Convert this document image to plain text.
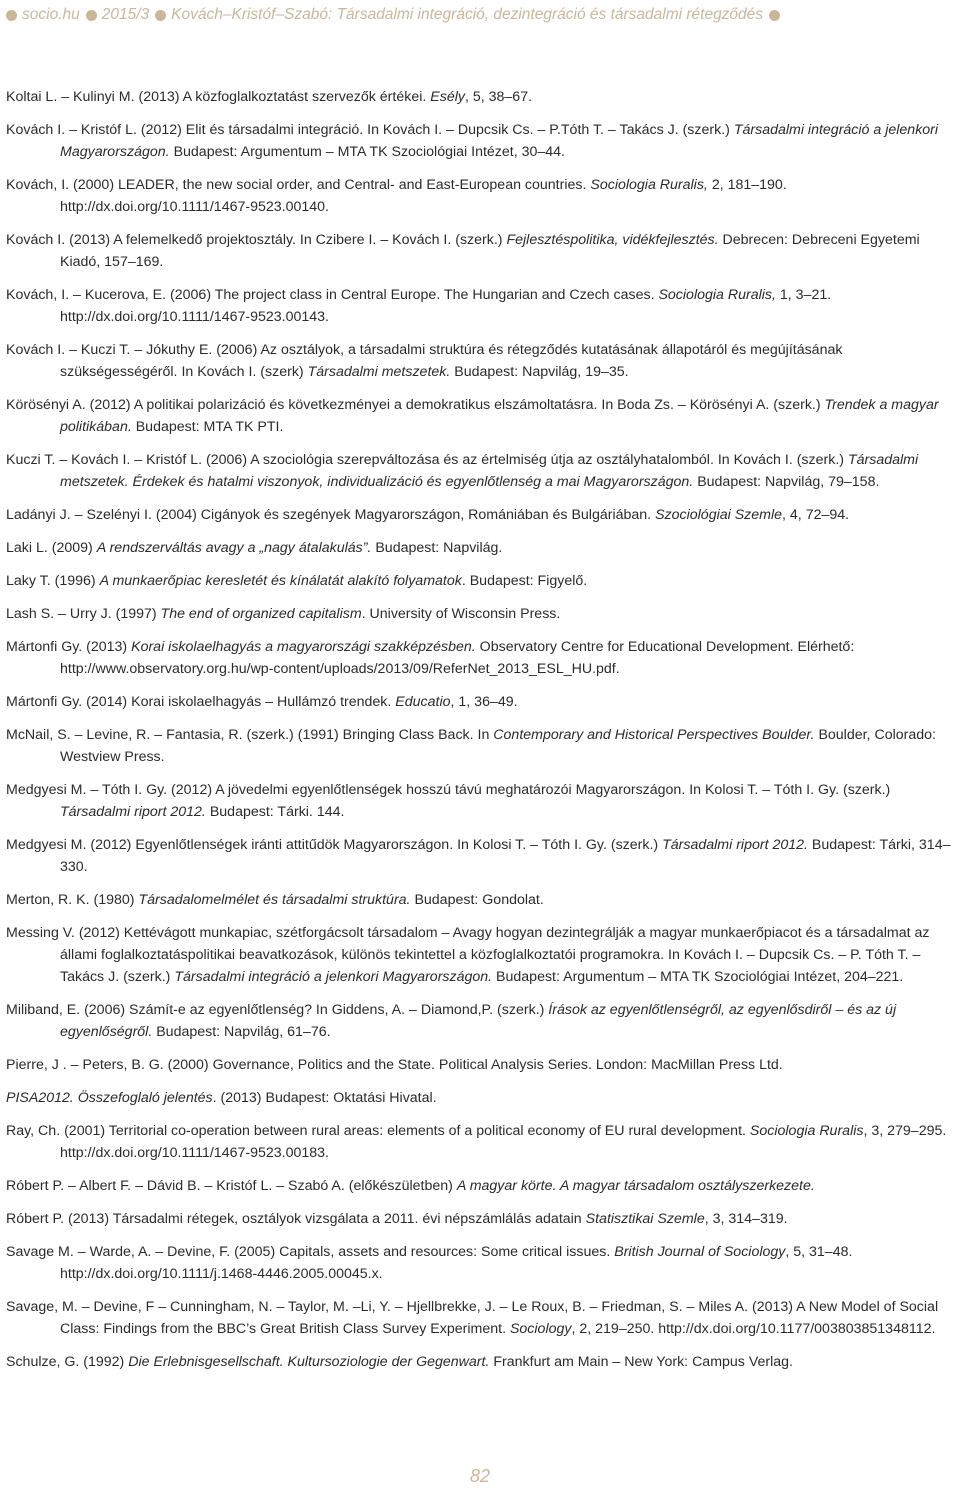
socio.hu 2015/3 Kovách–Kristóf–Szabó: Társadalmi integráció, dezintegráció és társadalmi rétegződés

Koltai L. – Kulinyi M. (2013) A közfoglalkoztatást szervezők értékei. Esély, 5, 38–67.

Kovách I. – Kristóf L. (2012) Elit és társadalmi integráció. In Kovách I. – Dupcsik Cs. – P.Tóth T. – Takács J. (szerk.) Társadalmi integráció a jelenkori Magyarországon. Budapest: Argumentum – MTA TK Szociológiai Intézet, 30–44.

Kovách, I. (2000) LEADER, the new social order, and Central- and East-European countries. Sociologia Ruralis, 2, 181–190. http://dx.doi.org/10.1111/1467-9523.00140.

Kovách I. (2013) A felemelkedő projektosztály. In Czibere I. – Kovách I. (szerk.) Fejlesztéspolitika, vidékfejlesztés. Debrecen: Debreceni Egyetemi Kiadó, 157–169.

Kovách, I. – Kucerova, E. (2006) The project class in Central Europe. The Hungarian and Czech cases. Sociologia Ruralis, 1, 3–21. http://dx.doi.org/10.1111/1467-9523.00143.

Kovách I. – Kuczi T. – Jókuthy E. (2006) Az osztályok, a társadalmi struktúra és rétegződés kutatásának állapotáról és megújításának szükségességéről. In Kovách I. (szerk) Társadalmi metszetek. Budapest: Napvilág, 19–35.

Körösényi A. (2012) A politikai polarizáció és következményei a demokratikus elszámoltatásra. In Boda Zs. – Körösényi A. (szerk.) Trendek a magyar politikában. Budapest: MTA TK PTI.

Kuczi T. – Kovách I. – Kristóf L. (2006) A szociológia szerepváltozása és az értelmiség útja az osztályhatalomból. In Kovách I. (szerk.) Társadalmi metszetek. Érdekek és hatalmi viszonyok, individualizáció és egyenlőtlenség a mai Magyarországon. Budapest: Napvilág, 79–158.

Ladányi J. – Szelényi I. (2004) Cigányok és szegények Magyarországon, Romániában és Bulgáriában. Szociológiai Szemle, 4, 72–94.

Laki L. (2009) A rendszerváltás avagy a „nagy átalakulás”. Budapest: Napvilág.

Laky T. (1996) A munkaerőpiac keresletét és kínálatát alakító folyamatok. Budapest: Figyelő.

Lash S. – Urry J. (1997) The end of organized capitalism. University of Wisconsin Press.

Mártonfi Gy. (2013) Korai iskolaelhagyás a magyarországi szakképzésben. Observatory Centre for Educational Development. Elérhető: http://www.observatory.org.hu/wp-content/uploads/2013/09/ReferNet_2013_ESL_HU.pdf.

Mártonfi Gy. (2014) Korai iskolaelhagyás – Hullámzó trendek. Educatio, 1, 36–49.

McNail, S. – Levine, R. – Fantasia, R. (szerk.) (1991) Bringing Class Back. In Contemporary and Historical Perspectives Boulder. Boulder, Colorado: Westview Press.

Medgyesi M. – Tóth I. Gy. (2012) A jövedelmi egyenlőtlenségek hosszú távú meghatározói Magyarországon. In Kolosi T. – Tóth I. Gy. (szerk.) Társadalmi riport 2012. Budapest: Tárki. 144.

Medgyesi M. (2012) Egyenlőtlenségek iránti attitűdök Magyarországon. In Kolosi T. – Tóth I. Gy. (szerk.) Társadalmi riport 2012. Budapest: Tárki, 314–330.

Merton, R. K. (1980) Társadalomelmélet és társadalmi struktúra. Budapest: Gondolat.

Messing V. (2012) Kettévágott munkapiac, szétforgácsolt társadalom – Avagy hogyan dezintegrálják a magyar munkaerőpiacot és a társadalmat az állami foglalkoztatáspolitikai beavatkozások, különös tekintettel a közfoglalkoztatói programokra. In Kovách I. – Dupcsik Cs. – P. Tóth T. – Takács J. (szerk.) Társadalmi integráció a jelenkori Magyarországon. Budapest: Argumentum – MTA TK Szociológiai Intézet, 204–221.

Miliband, E. (2006) Számít-e az egyenlőtlenség? In Giddens, A. – Diamond,P. (szerk.) Írások az egyenlőtlenségről, az egyenlősdiről – és az új egyenlőségről. Budapest: Napvilág, 61–76.

Pierre, J . – Peters, B. G. (2000) Governance, Politics and the State. Political Analysis Series. London: MacMillan Press Ltd.

PISA2012. Összefoglaló jelentés. (2013) Budapest: Oktatási Hivatal.

Ray, Ch. (2001) Territorial co-operation between rural areas: elements of a political economy of EU rural development. Sociologia Ruralis, 3, 279–295. http://dx.doi.org/10.1111/1467-9523.00183.

Róbert P. – Albert F. – Dávid B. – Kristóf L. – Szabó A. (előkészületben) A magyar körte. A magyar társadalom osztályszerkezete.

Róbert P. (2013) Társadalmi rétegek, osztályok vizsgálata a 2011. évi népszámlálás adatain Statisztikai Szemle, 3, 314–319.

Savage M. – Warde, A. – Devine, F. (2005) Capitals, assets and resources: Some critical issues. British Journal of Sociology, 5, 31–48. http://dx.doi.org/10.1111/j.1468-4446.2005.00045.x.

Savage, M. – Devine, F – Cunningham, N. – Taylor, M. –Li, Y. – Hjellbrekke, J. – Le Roux, B. – Friedman, S. – Miles A. (2013) A New Model of Social Class: Findings from the BBC’s Great British Class Survey Experiment. Sociology, 2, 219–250. http://dx.doi.org/10.1177/003803851348112.

Schulze, G. (1992) Die Erlebnisgesellschaft. Kultursoziologie der Gegenwart. Frankfurt am Main – New York: Campus Verlag.

82
